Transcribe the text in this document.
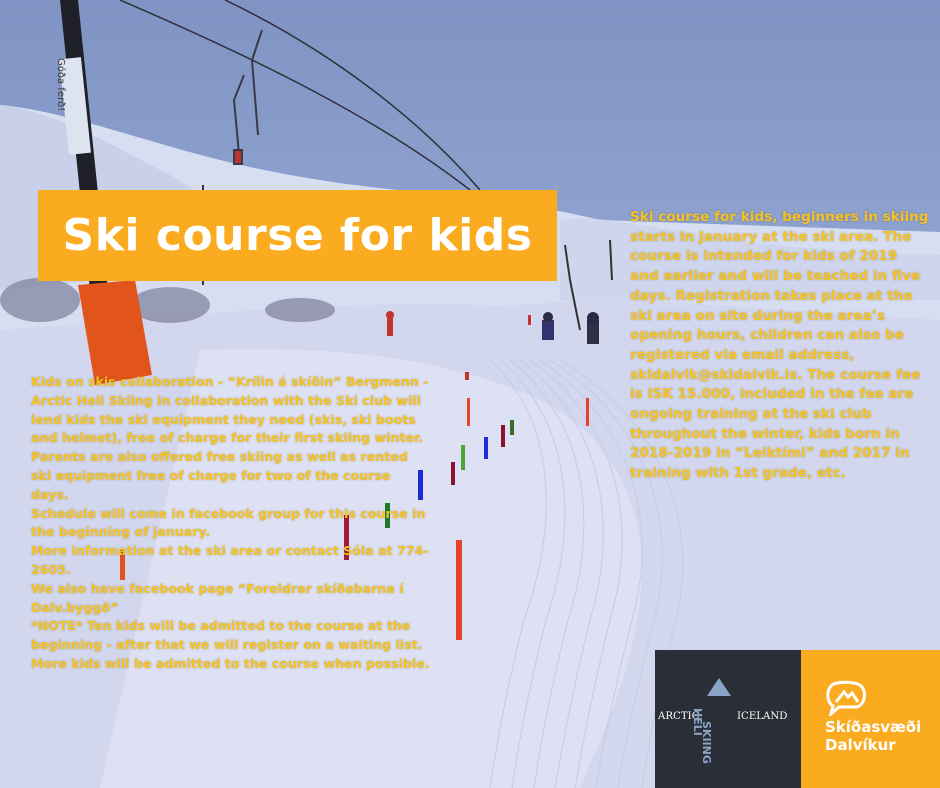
Góða ferð!
Ski course for kids

Kids on skis collaboration - “Krílin á skíðin” Bergmenn - Arctic Heli Skiing in collaboration with the Ski club will lend kids the ski equipment they need (skis, ski boots and helmet), free of charge for their first skiing winter. Parents are also offered free skiing as well as rented ski equipment free of charge for two of the course days.

Schedule will come in facebook group for this course in the beginning of january.

More information at the ski area or contact Sóla at 774-2605.

We also have facebook page “Foreldrar skíðabarna í Dalv.byggð”

*NOTE* Ten kids will be admitted to the course at the beginning - after that we will register on a waiting list. More kids will be admitted to the course when possible.

Ski course for kids, beginners in skiing starts in January at the ski area. The course is intended for kids of 2019 and earlier and will be teached in five days. Registration takes place at the ski area on site during the area’s opening hours, children can also be registered via email address, skidalvik@skidalvik.is. The course fee is ISK 15.000, included in the fee are ongoing training at the ski club throughout the winter, kids born in 2018-2019 in “Leiktími” and 2017 in training with 1st grade, etc.

ARCTIC
SKIING
HELI	ICELAND
Skíðasvæði
Dalvíkur
